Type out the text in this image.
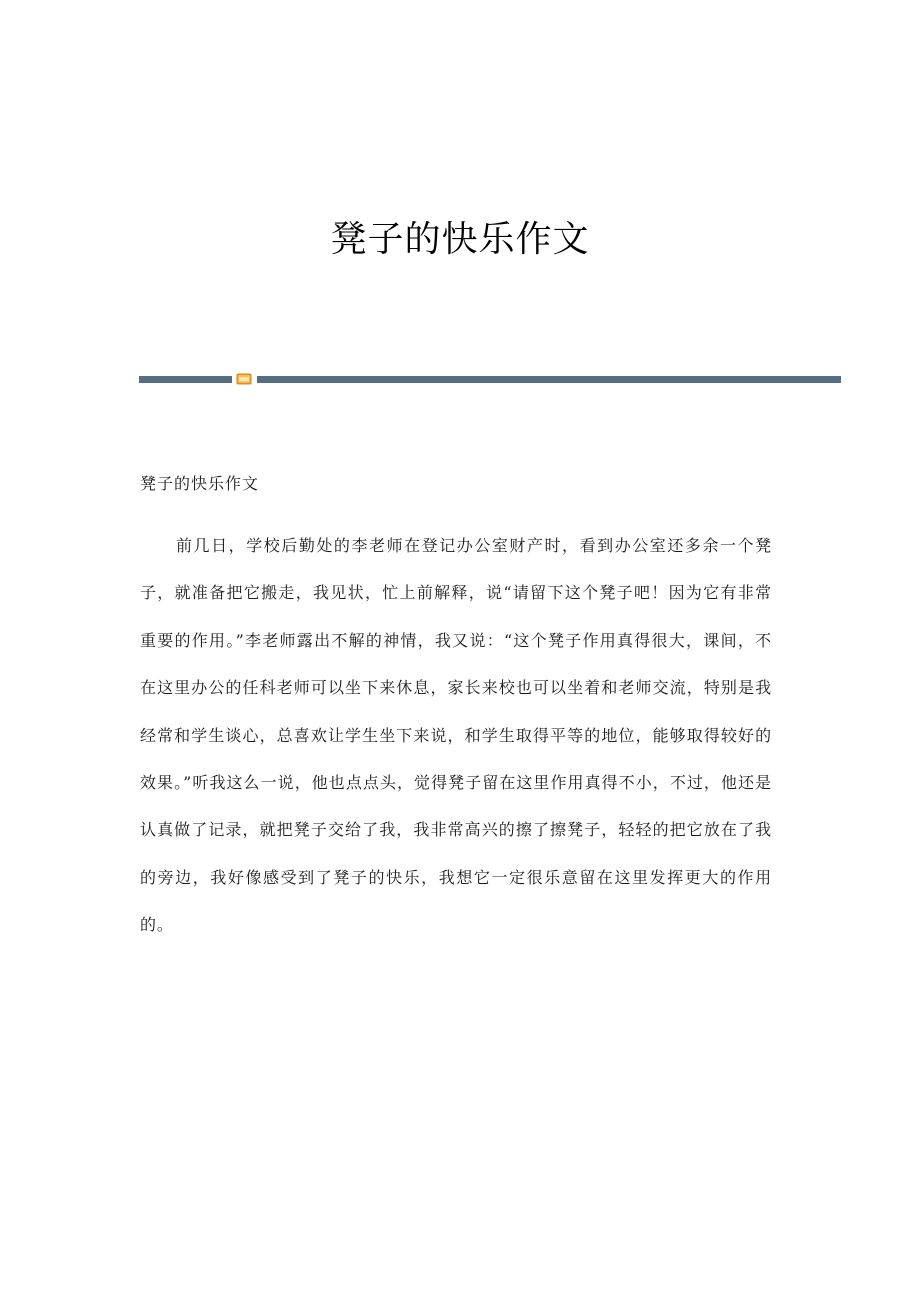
凳子的快乐作文

凳子的快乐作文

前几日，学校后勤处的李老师在登记办公室财产时，看到办公室还多余一个凳子，就准备把它搬走，我见状，忙上前解释，说“请留下这个凳子吧！因为它有非常重要的作用。”李老师露出不解的神情，我又说：“这个凳子作用真得很大，课间，不在这里办公的任科老师可以坐下来休息，家长来校也可以坐着和老师交流，特别是我经常和学生谈心，总喜欢让学生坐下来说，和学生取得平等的地位，能够取得较好的效果。”听我这么一说，他也点点头，觉得凳子留在这里作用真得不小，不过，他还是认真做了记录，就把凳子交给了我，我非常高兴的擦了擦凳子，轻轻的把它放在了我的旁边，我好像感受到了凳子的快乐，我想它一定很乐意留在这里发挥更大的作用的。
